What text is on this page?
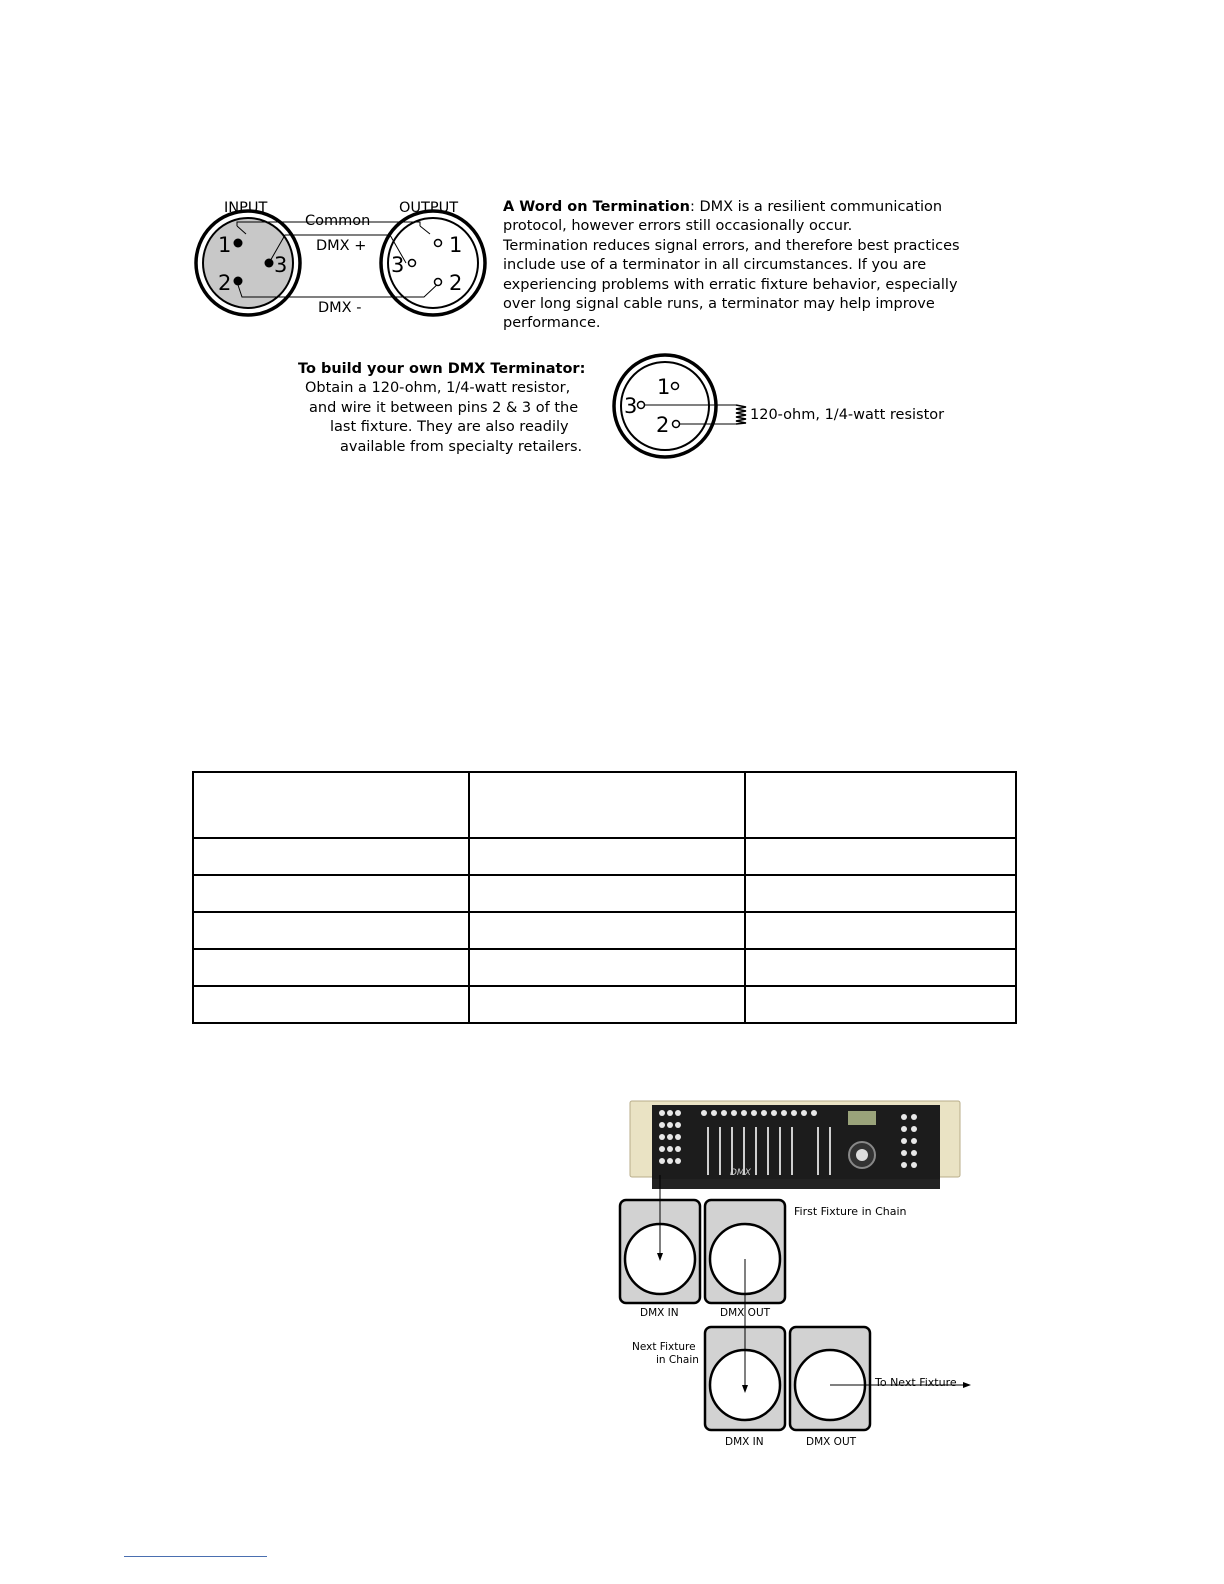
INPUT	OUTPUT
Common
DMX +
DMX -
1
2
3
1
2
3
A Word on Termination: DMX is a resilient communication
protocol, however errors still occasionally occur.
Termination reduces signal errors, and therefore best practices
include use of a terminator in all circumstances. If you are
experiencing problems with erratic fixture behavior, especially
over long signal cable runs, a terminator may help improve
performance.
To build your own DMX Terminator:
Obtain a 120-ohm, 1/4-watt resistor,
and wire it between pins 2 & 3 of the
last fixture. They are also readily
available from specialty retailers.
1
2
3	120-ohm, 1/4-watt resistor

DMX
First Fixture in Chain
DMX IN	DMX OUT
Next Fixture
in Chain
To Next Fixture
DMX IN	DMX OUT
